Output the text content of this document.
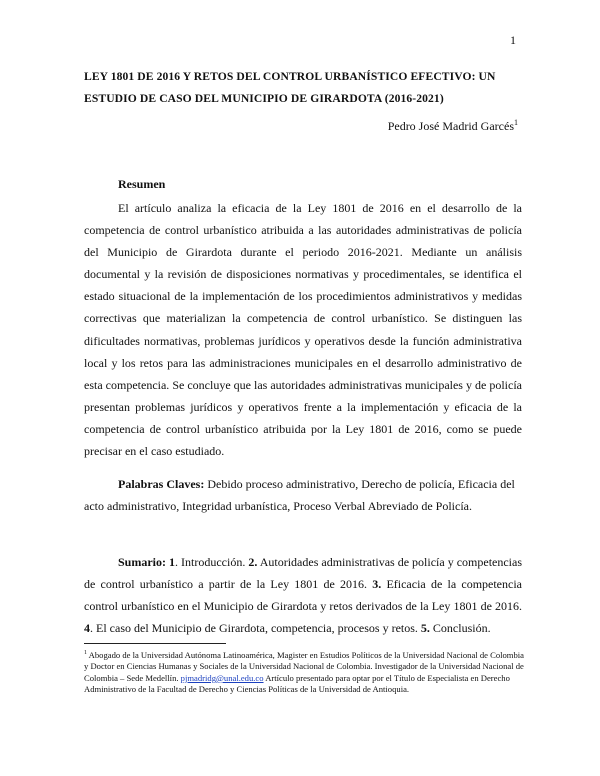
1
LEY 1801 DE 2016 Y RETOS DEL CONTROL URBANÍSTICO EFECTIVO: UN ESTUDIO DE CASO DEL MUNICIPIO DE GIRARDOTA (2016-2021)
Pedro José Madrid Garcés$^1$
Resumen

El artículo analiza la eficacia de la Ley 1801 de 2016 en el desarrollo de la competencia de control urbanístico atribuida a las autoridades administrativas de policía del Municipio de Girardota durante el periodo 2016-2021. Mediante un análisis documental y la revisión de disposiciones normativas y procedimentales, se identifica el estado situacional de la implementación de los procedimientos administrativos y medidas correctivas que materializan la competencia de control urbanístico. Se distinguen las dificultades normativas, problemas jurídicos y operativos desde la función administrativa local y los retos para las administraciones municipales en el desarrollo administrativo de esta competencia. Se concluye que las autoridades administrativas municipales y de policía presentan problemas jurídicos y operativos frente a la implementación y eficacia de la competencia de control urbanístico atribuida por la Ley 1801 de 2016, como se puede precisar en el caso estudiado.

Palabras Claves: Debido proceso administrativo, Derecho de policía, Eficacia del acto administrativo, Integridad urbanística, Proceso Verbal Abreviado de Policía.

Sumario: 1. Introducción. 2. Autoridades administrativas de policía y competencias de control urbanístico a partir de la Ley 1801 de 2016. 3. Eficacia de la competencia control urbanístico en el Municipio de Girardota y retos derivados de la Ley 1801 de 2016. 4. El caso del Municipio de Girardota, competencia, procesos y retos. 5. Conclusión.

$^1$ Abogado de la Universidad Autónoma Latinoamérica, Magister en Estudios Políticos de la Universidad Nacional de Colombia y Doctor en Ciencias Humanas y Sociales de la Universidad Nacional de Colombia. Investigador de la Universidad Nacional de Colombia – Sede Medellín. pjmadridg@unal.edu.co Artículo presentado para optar por el Título de Especialista en Derecho Administrativo de la Facultad de Derecho y Ciencias Políticas de la Universidad de Antioquia.
